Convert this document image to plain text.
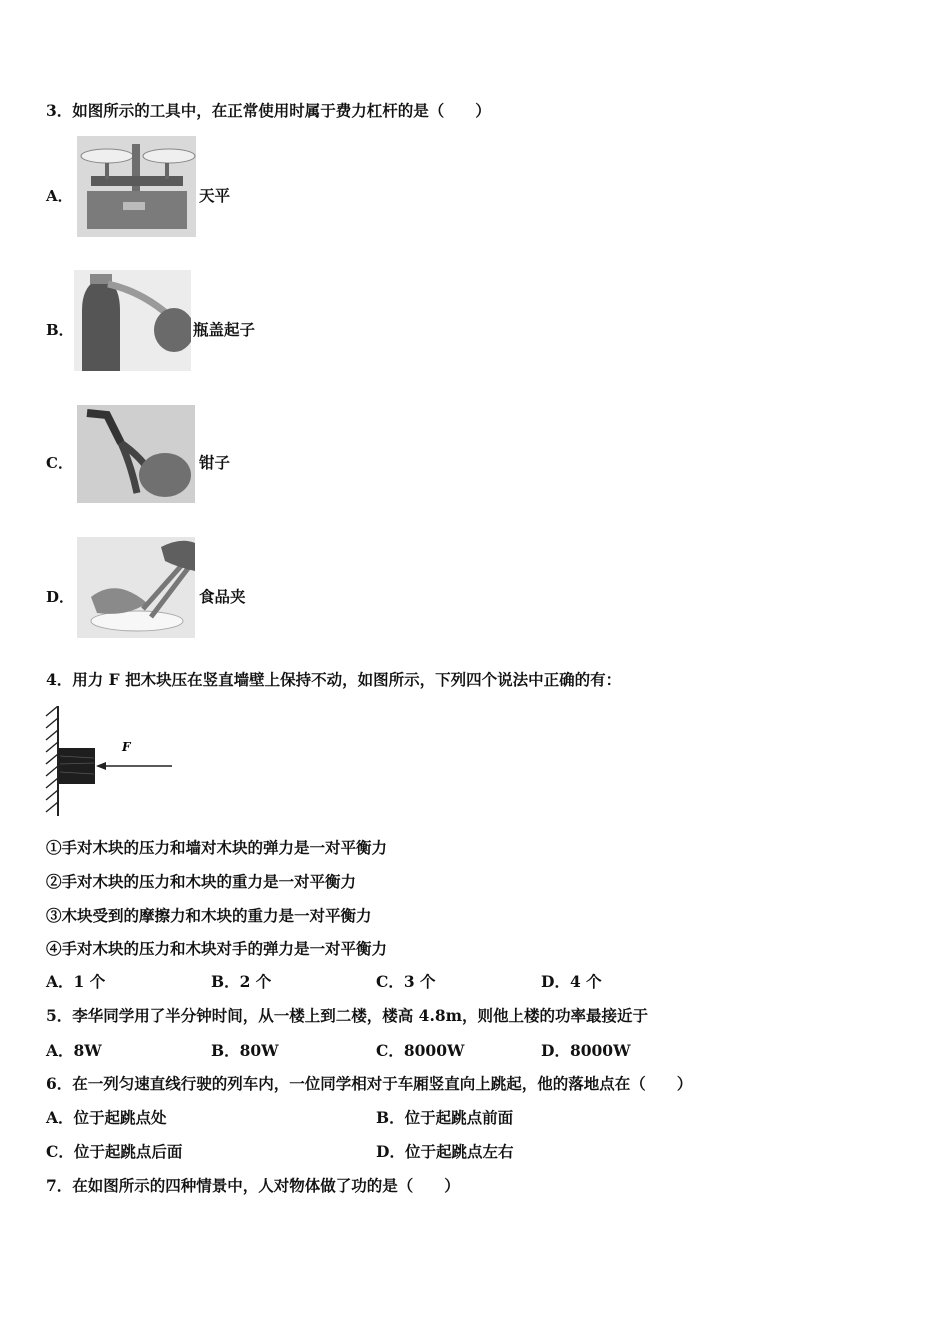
3．如图所示的工具中，在正常使用时属于费力杠杆的是（　　）
A．	天平
B．	瓶盖起子
C．	钳子
D．	食品夹
4．用力 F 把木块压在竖直墙壁上保持不动，如图所示，下列四个说法中正确的有：
F
①手对木块的压力和墙对木块的弹力是一对平衡力
②手对木块的压力和木块的重力是一对平衡力
③木块受到的摩擦力和木块的重力是一对平衡力
④手对木块的压力和木块对手的弹力是一对平衡力
A．1 个	B．2 个	C．3 个	D．4 个
5．李华同学用了半分钟时间，从一楼上到二楼，楼高 4.8m，则他上楼的功率最接近于
A．8W	B．80W	C．8000W	D．8000W
6．在一列匀速直线行驶的列车内，一位同学相对于车厢竖直向上跳起，他的落地点在（　　）
A．位于起跳点处	B．位于起跳点前面
C．位于起跳点后面	D．位于起跳点左右
7．在如图所示的四种情景中，人对物体做了功的是（　　）
